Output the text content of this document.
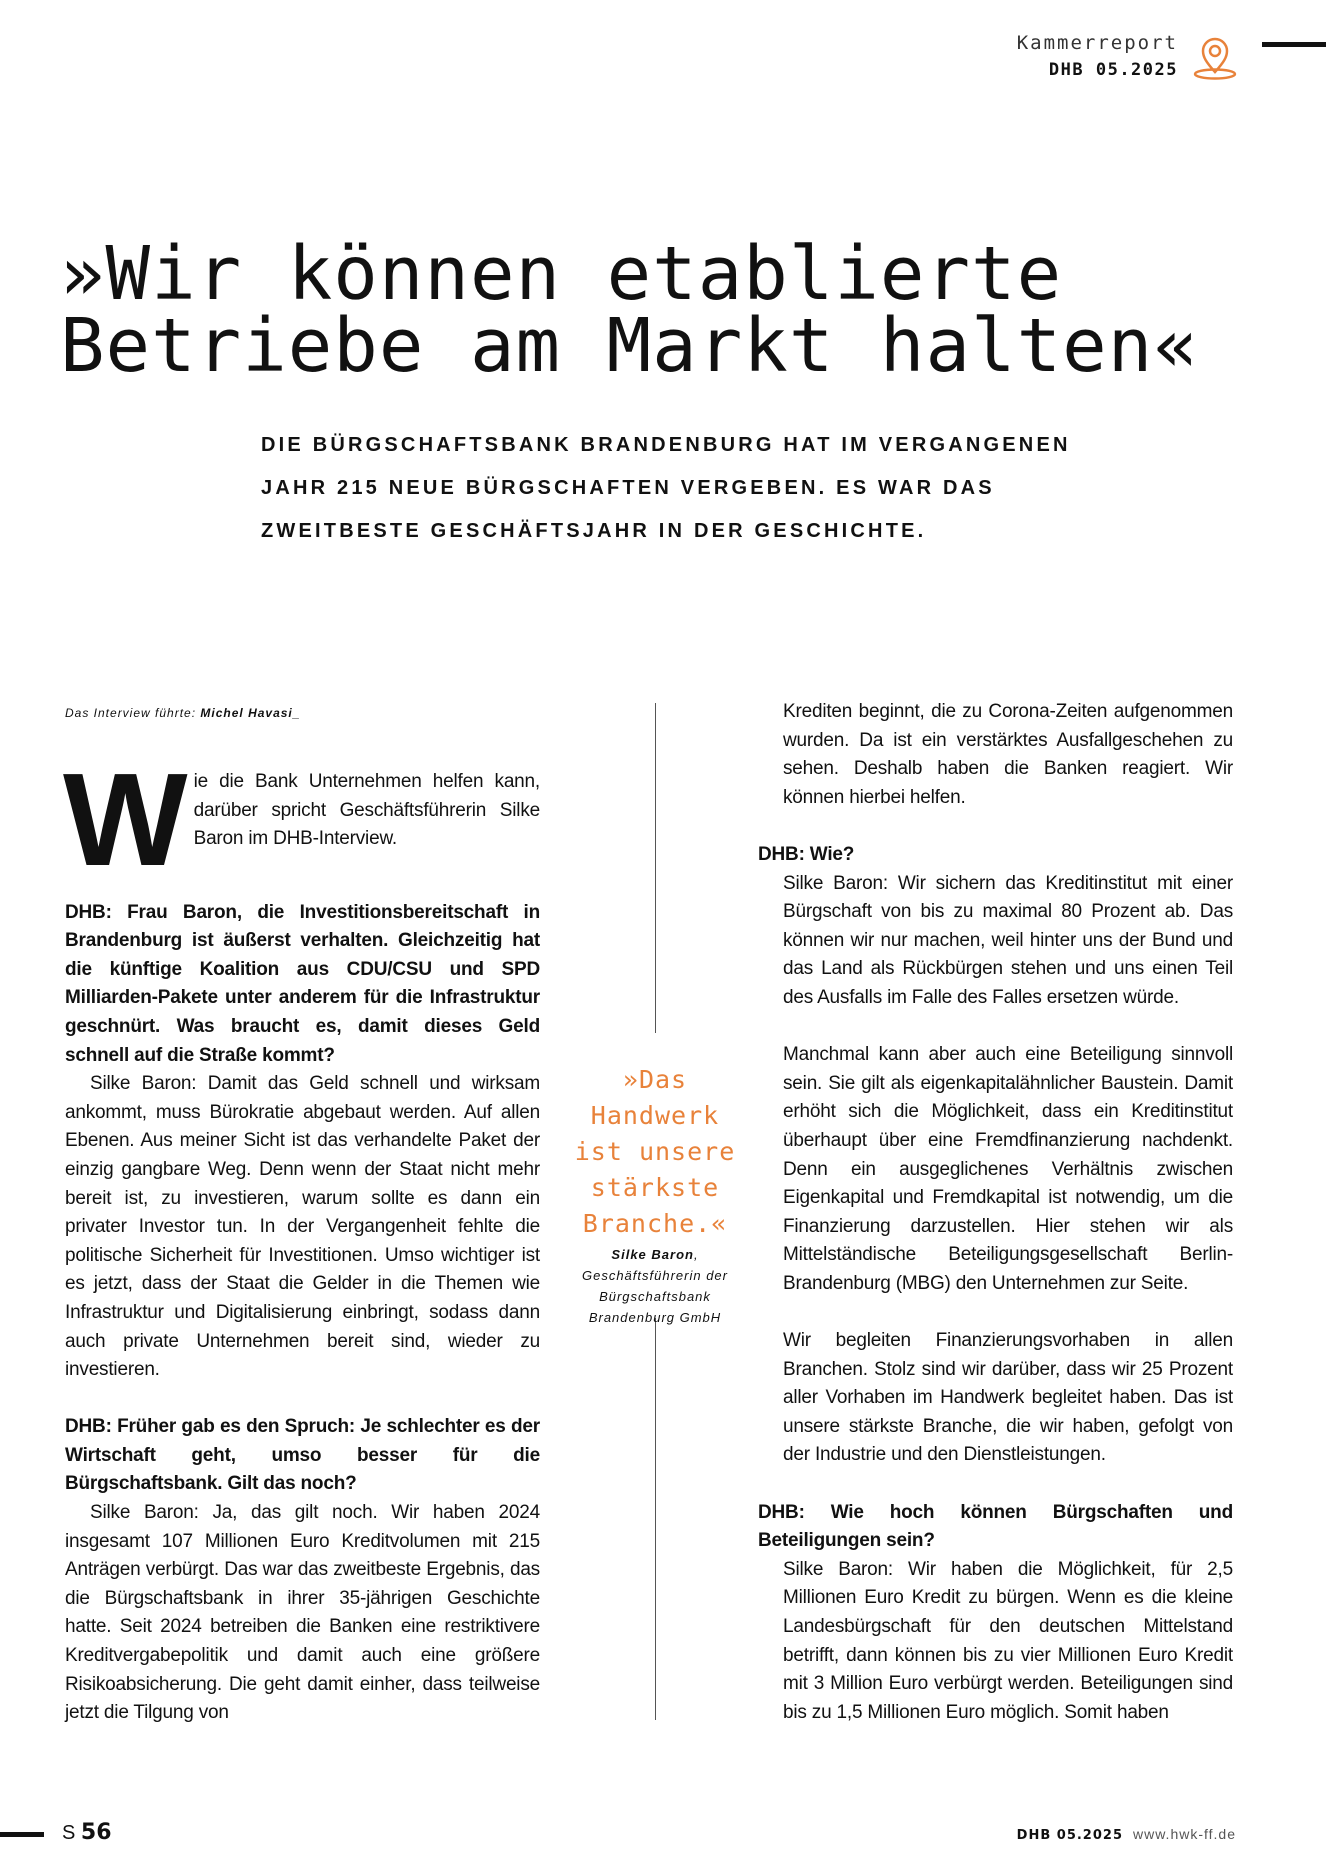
Kammerreport
DHB 05.2025
»Wir können etablierte
Betriebe am Markt halten«
DIE BÜRGSCHAFTSBANK BRANDENBURG HAT IM VERGANGENEN JAHR 215 NEUE BÜRGSCHAFTEN VERGEBEN. ES WAR DAS ZWEITBESTE GESCHÄFTSJAHR IN DER GESCHICHTE.
Das Interview führte: Michel Havasi_
Wie die Bank Unternehmen helfen kann, darüber spricht Geschäftsführerin Silke Baron im DHB-Interview.

DHB: Frau Baron, die Investitionsbereitschaft in Brandenburg ist äußerst verhalten. Gleichzeitig hat die künftige Koalition aus CDU/CSU und SPD Milliarden-Pakete unter anderem für die Infrastruktur geschnürt. Was braucht es, damit dieses Geld schnell auf die Straße kommt?

Silke Baron: Damit das Geld schnell und wirksam ankommt, muss Bürokratie abgebaut werden. Auf allen Ebenen. Aus meiner Sicht ist das verhandelte Paket der einzig gangbare Weg. Denn wenn der Staat nicht mehr bereit ist, zu investieren, warum sollte es dann ein privater Investor tun. In der Vergangenheit fehlte die politische Sicherheit für Investitionen. Umso wichtiger ist es jetzt, dass der Staat die Gelder in die Themen wie Infrastruktur und Digitalisierung einbringt, sodass dann auch private Unternehmen bereit sind, wieder zu investieren.

DHB: Früher gab es den Spruch: Je schlechter es der Wirtschaft geht, umso besser für die Bürgschaftsbank. Gilt das noch?

Silke Baron: Ja, das gilt noch. Wir haben 2024 insgesamt 107 Millionen Euro Kreditvolumen mit 215 Anträgen verbürgt. Das war das zweitbeste Ergebnis, das die Bürgschaftsbank in ihrer 35-jährigen Geschichte hatte. Seit 2024 betreiben die Banken eine restriktivere Kreditvergabepolitik und damit auch eine größere Risikoabsicherung. Die geht damit einher, dass teilweise jetzt die Tilgung von

»Das
Handwerk
ist unsere
stärkste
Branche.«
Silke Baron, Geschäftsführerin der Bürgschaftsbank Brandenburg GmbH

Krediten beginnt, die zu Corona-Zeiten aufgenommen wurden. Da ist ein verstärktes Ausfallgeschehen zu sehen. Deshalb haben die Banken reagiert. Wir können hierbei helfen.

DHB: Wie?

Silke Baron: Wir sichern das Kreditinstitut mit einer Bürgschaft von bis zu maximal 80 Prozent ab. Das können wir nur machen, weil hinter uns der Bund und das Land als Rückbürgen stehen und uns einen Teil des Ausfalls im Falle des Falles ersetzen würde.

Manchmal kann aber auch eine Beteiligung sinnvoll sein. Sie gilt als eigenkapitalähnlicher Baustein. Damit erhöht sich die Möglichkeit, dass ein Kreditinstitut überhaupt über eine Fremdfinanzierung nachdenkt. Denn ein ausgeglichenes Verhältnis zwischen Eigenkapital und Fremdkapital ist notwendig, um die Finanzierung darzustellen. Hier stehen wir als Mittelständische Beteiligungsgesellschaft Berlin-Brandenburg (MBG) den Unternehmen zur Seite.

Wir begleiten Finanzierungsvorhaben in allen Branchen. Stolz sind wir darüber, dass wir 25 Prozent aller Vorhaben im Handwerk begleitet haben. Das ist unsere stärkste Branche, die wir haben, gefolgt von der Industrie und den Dienstleistungen.

DHB: Wie hoch können Bürgschaften und Beteiligungen sein?

Silke Baron: Wir haben die Möglichkeit, für 2,5 Millionen Euro Kredit zu bürgen. Wenn es die kleine Landesbürgschaft für den deutschen Mittelstand betrifft, dann können bis zu vier Millionen Euro Kredit mit 3 Million Euro verbürgt werden. Beteiligungen sind bis zu 1,5 Millionen Euro möglich. Somit haben

S 56	DHB 05.2025 www.hwk-ff.de
